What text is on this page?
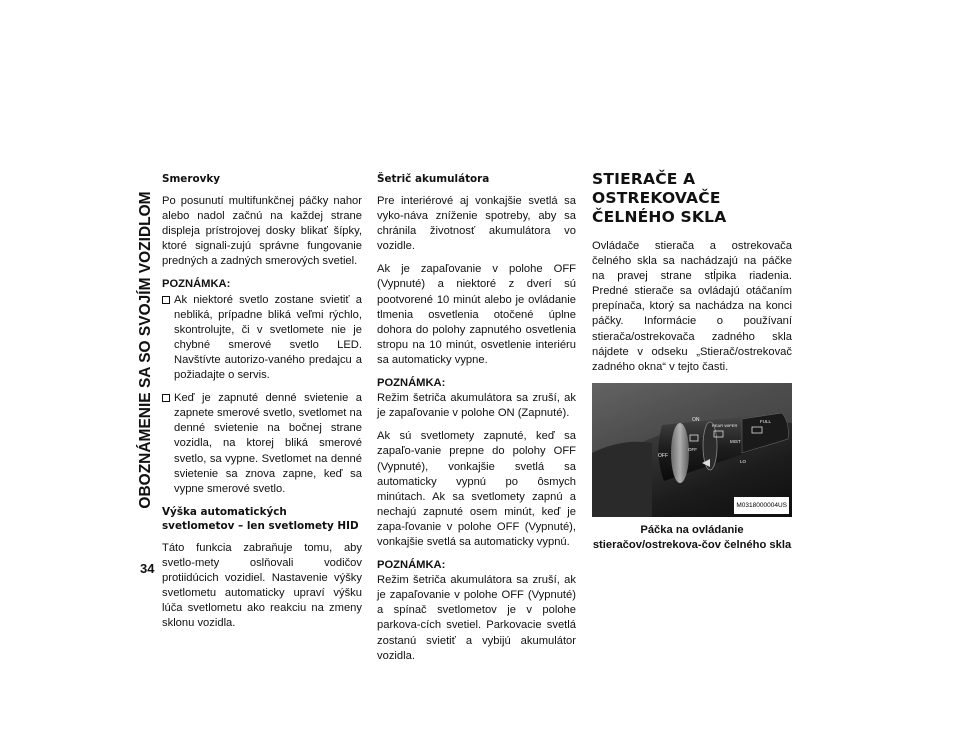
OBOZNÁMENIE SA SO SVOJÍM VOZIDLOM
34
Smerovky

Po posunutí multifunkčnej páčky nahor alebo nadol začnú na každej strane displeja prístrojovej dosky blikať šípky, ktoré signali-zujú správne fungovanie predných a zadných smerových svetiel.

POZNÁMKA:
Ak niektoré svetlo zostane svietiť a nebliká, prípadne bliká veľmi rýchlo, skontrolujte, či v svetlomete nie je chybné smerové svetlo LED. Navštívte autorizo-vaného predajcu a požiadajte o servis.
Keď je zapnuté denné svietenie a zapnete smerové svetlo, svetlomet na denné svietenie na bočnej strane vozidla, na ktorej bliká smerové svetlo, sa vypne. Svetlomet na denné svietenie sa znova zapne, keď sa vypne smerové svetlo.
Výška automatických svetlometov – len svetlomety HID

Táto funkcia zabraňuje tomu, aby svetlo-mety oslňovali vodičov protiidúcich vozidiel. Nastavenie výšky svetlometu automaticky upraví výšku lúča svetlometu ako reakciu na zmeny sklonu vozidla.

Šetrič akumulátora

Pre interiérové aj vonkajšie svetlá sa vyko-náva zníženie spotreby, aby sa chránila životnosť akumulátora vo vozidle.

Ak je zapaľovanie v polohe OFF (Vypnuté) a niektoré z dverí sú pootvorené 10 minút alebo je ovládanie tlmenia osvetlenia otočené úplne dohora do polohy zapnutého osvetlenia stropu na 10 minút, osvetlenie interiéru sa automaticky vypne.

POZNÁMKA:

Režim šetriča akumulátora sa zruší, ak je zapaľovanie v polohe ON (Zapnuté).

Ak sú svetlomety zapnuté, keď sa zapaľo-vanie prepne do polohy OFF (Vypnuté), vonkajšie svetlá sa automaticky vypnú po ôsmych minútach. Ak sa svetlomety zapnú a nechajú zapnuté osem minút, keď je zapa-ľovanie v polohe OFF (Vypnuté), vonkajšie svetlá sa automaticky vypnú.

POZNÁMKA:

Režim šetriča akumulátora sa zruší, ak je zapaľovanie v polohe OFF (Vypnuté) a spínač svetlometov je v polohe parkova-cích svetiel. Parkovacie svetlá zostanú svietiť a vybijú akumulátor vozidla.

STIERAČE A OSTREKOVAČE ČELNÉHO SKLA

Ovládače stierača a ostrekovača čelného skla sa nachádzajú na páčke na pravej strane stĺpika riadenia. Predné stierače sa ovládajú otáčaním prepínača, ktorý sa nachádza na konci páčky. Informácie o používaní stierača/ostrekovača zadného skla nájdete v odseku „Stierač/ostrekovač zadného okna“ v tejto časti.

ON
OFF
OFF
REAR WIPER
FULL
MIST
LO
M0318000004US

Páčka na ovládanie stieračov/ostrekova-čov čelného skla
